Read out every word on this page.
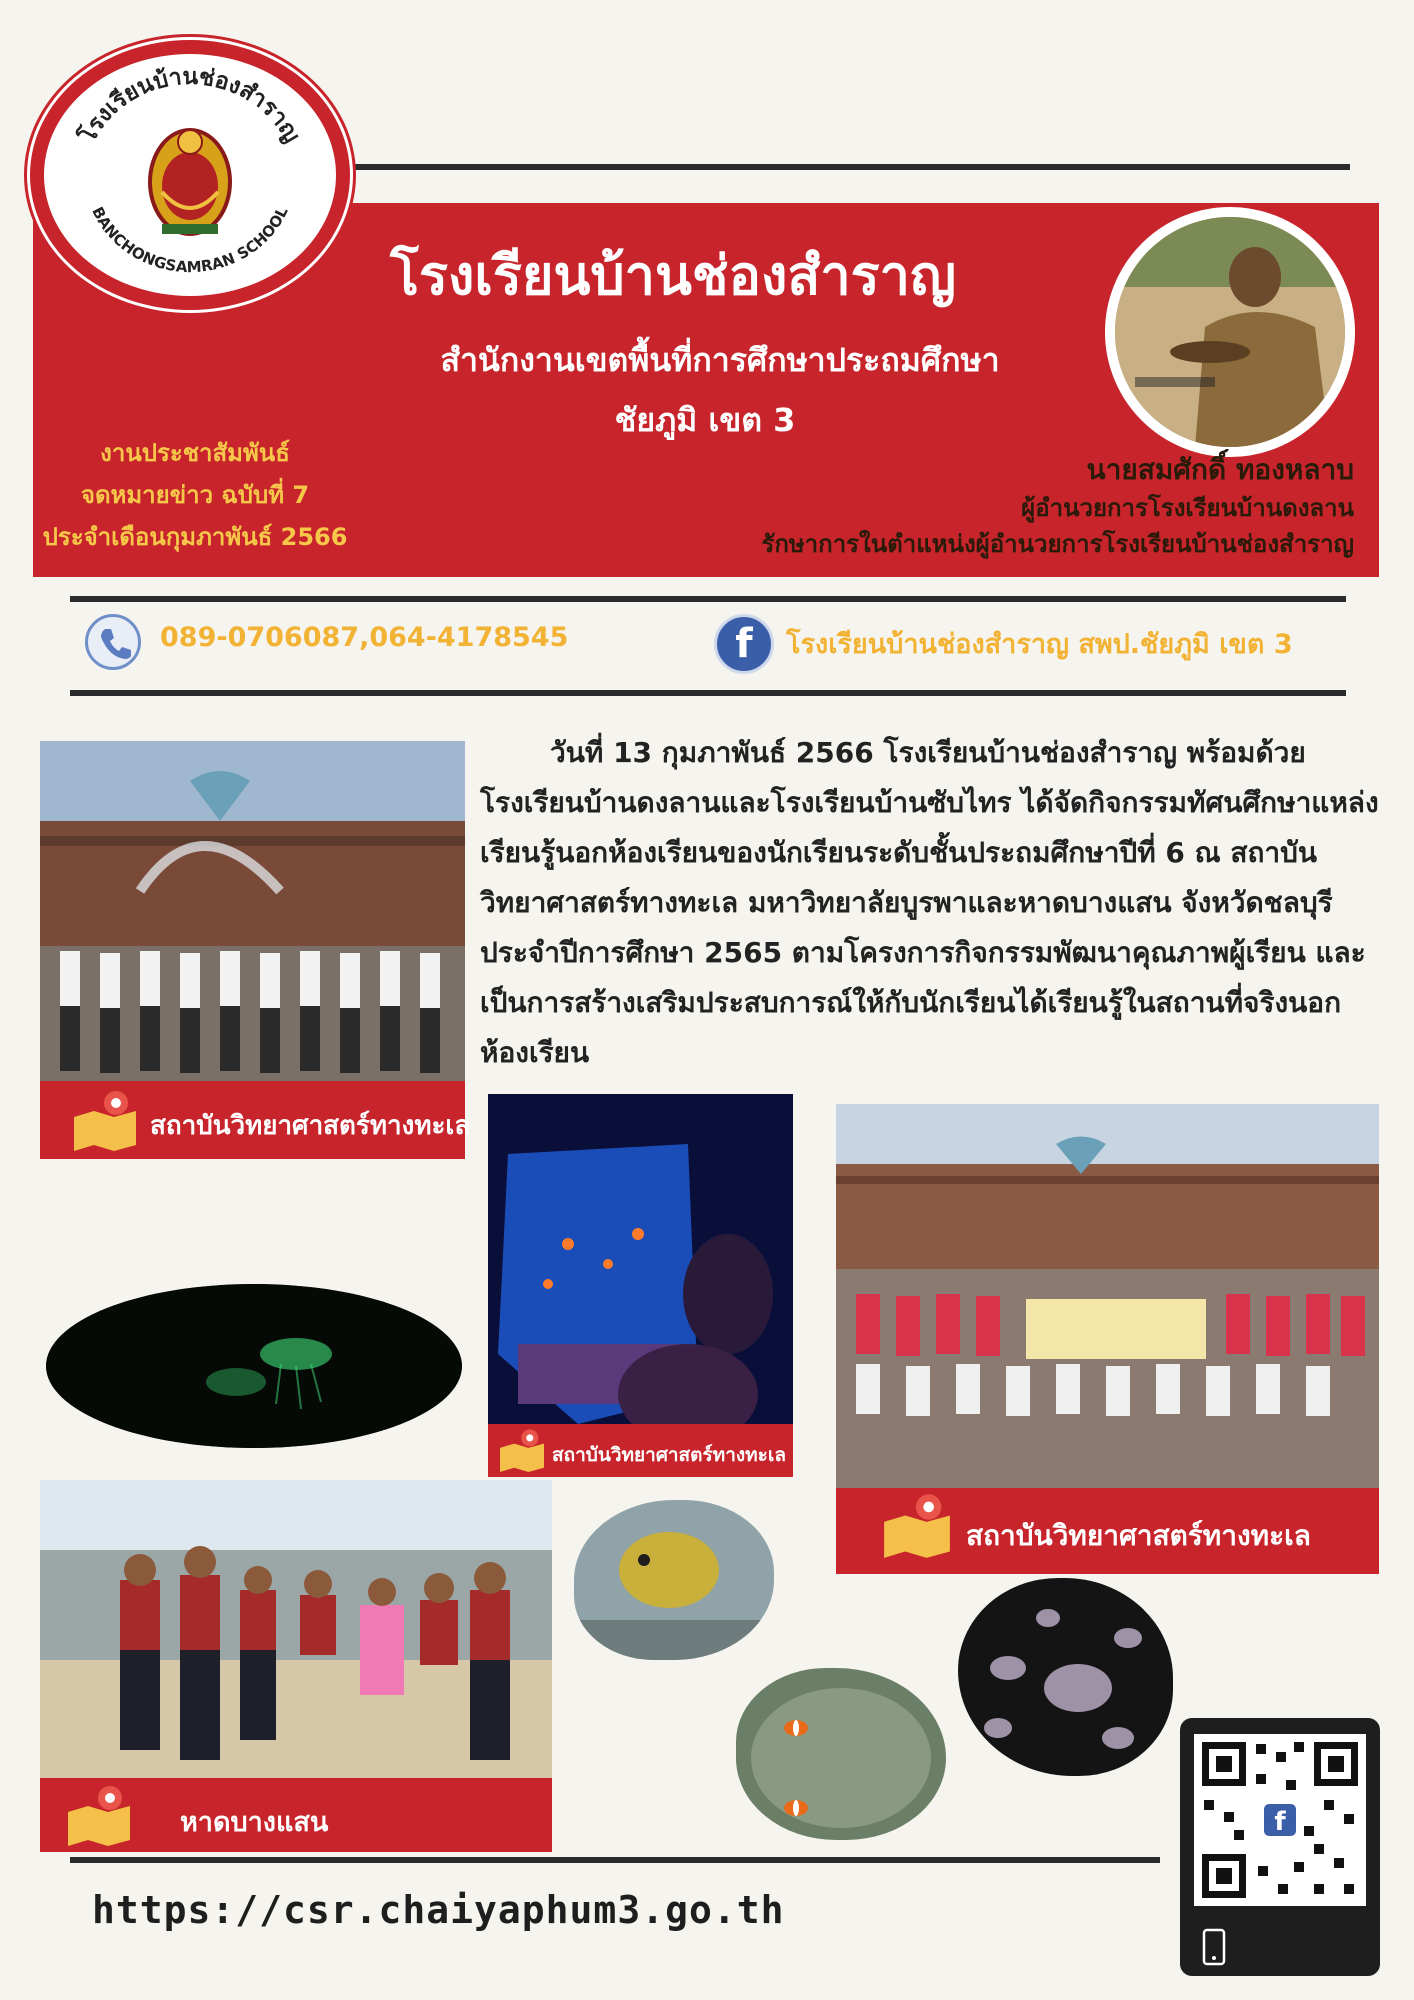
โรงเรียนบ้านช่องสำราญ
BANCHONGSAMRAN SCHOOL
โรงเรียนบ้านช่องสำราญ
สำนักงานเขตพื้นที่การศึกษาประถมศึกษา
ชัยภูมิ เขต 3
งานประชาสัมพันธ์
จดหมายข่าว ฉบับที่ 7
ประจำเดือนกุมภาพันธ์ 2566
นายสมศักดิ์ ทองหลาบ
ผู้อำนวยการโรงเรียนบ้านดงลาน
รักษาการในตำแหน่งผู้อำนวยการโรงเรียนบ้านช่องสำราญ
089-0706087,064-4178545	f	โรงเรียนบ้านช่องสำราญ สพป.ชัยภูมิ เขต 3
วันที่ 13 กุมภาพันธ์ 2566 โรงเรียนบ้านช่องสำราญ พร้อมด้วยโรงเรียนบ้านดงลานและโรงเรียนบ้านซับไทร ได้จัดกิจกรรมทัศนศึกษาแหล่งเรียนรู้นอกห้องเรียนของนักเรียนระดับชั้นประถมศึกษาปีที่ 6 ณ สถาบันวิทยาศาสตร์ทางทะเล มหาวิทยาลัยบูรพาและหาดบางแสน จังหวัดชลบุรีประจำปีการศึกษา 2565 ตามโครงการกิจกรรมพัฒนาคุณภาพผู้เรียน และเป็นการสร้างเสริมประสบการณ์ให้กับนักเรียนได้เรียนรู้ในสถานที่จริงนอกห้องเรียน
สถาบันวิทยาศาสตร์ทางทะเล
สถาบันวิทยาศาสตร์ทางทะเล
สถาบันวิทยาศาสตร์ทางทะเล
หาดบางแสน	f
https://csr.chaiyaphum3.go.th
